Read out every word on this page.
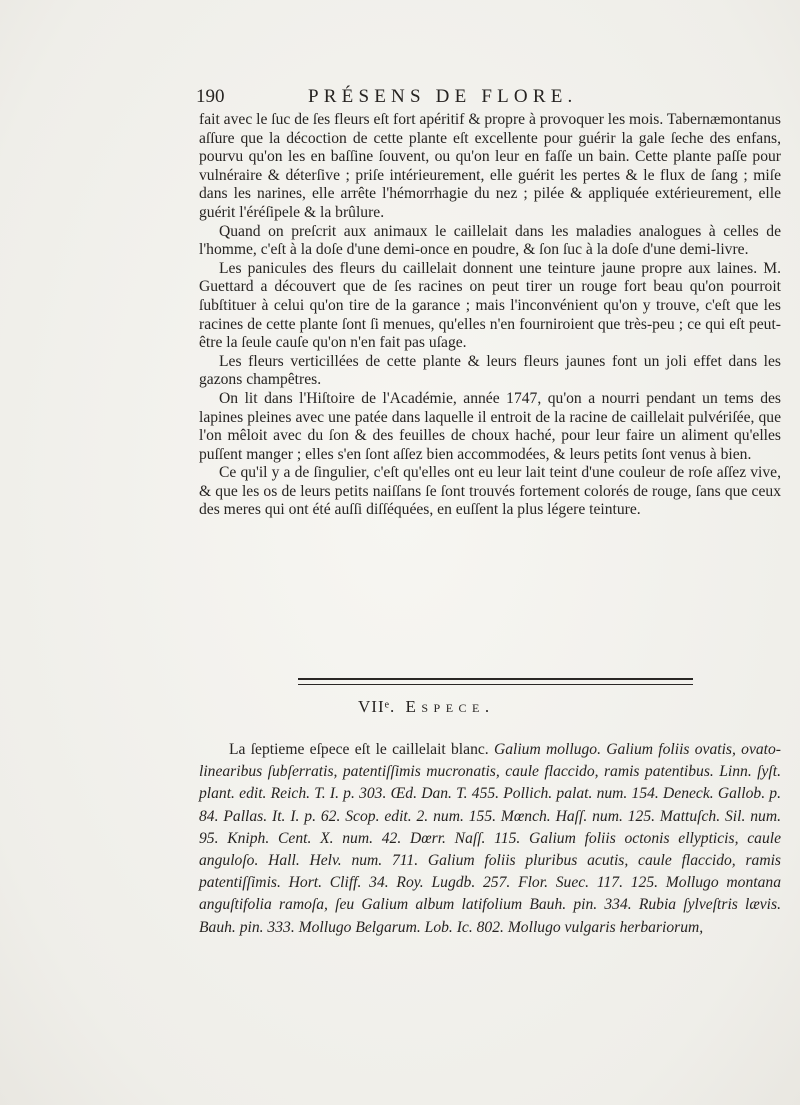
190	PRÉSENS DE FLORE.

fait avec le ſuc de ſes fleurs eſt fort apéritif & propre à provoquer les mois. Tabernæmontanus aſſure que la décoction de cette plante eſt excellente pour guérir la gale ſeche des enfans, pourvu qu'on les en baſſine ſouvent, ou qu'on leur en faſſe un bain. Cette plante paſſe pour vulnéraire & déterſive ; priſe intérieurement, elle guérit les pertes & le flux de ſang ; miſe dans les narines, elle arrête l'hémorrhagie du nez ; pilée & appliquée extérieurement, elle guérit l'éréſipele & la brûlure.

Quand on preſcrit aux animaux le caillelait dans les maladies analogues à celles de l'homme, c'eſt à la doſe d'une demi-once en poudre, & ſon ſuc à la doſe d'une demi-livre.

Les panicules des fleurs du caillelait donnent une teinture jaune propre aux laines. M. Guettard a découvert que de ſes racines on peut tirer un rouge fort beau qu'on pourroit ſubſtituer à celui qu'on tire de la garance ; mais l'inconvénient qu'on y trouve, c'eſt que les racines de cette plante ſont ſi menues, qu'elles n'en fourniroient que très-peu ; ce qui eſt peut-être la ſeule cauſe qu'on n'en fait pas uſage.

Les fleurs verticillées de cette plante & leurs fleurs jaunes font un joli effet dans les gazons champêtres.

On lit dans l'Hiſtoire de l'Académie, année 1747, qu'on a nourri pendant un tems des lapines pleines avec une patée dans laquelle il entroit de la racine de caillelait pulvériſée, que l'on mêloit avec du ſon & des feuilles de choux haché, pour leur faire un aliment qu'elles puſſent manger ; elles s'en ſont aſſez bien accommodées, & leurs petits ſont venus à bien.

Ce qu'il y a de ſingulier, c'eſt qu'elles ont eu leur lait teint d'une couleur de roſe aſſez vive, & que les os de leurs petits naiſſans ſe ſont trouvés fortement colorés de rouge, ſans que ceux des meres qui ont été auſſi diſſéquées, en euſſent la plus légere teinture.

VIIᵉ. Espece.

La ſeptieme eſpece eſt le caillelait blanc. Galium mollugo. Galium foliis ovatis, ovato-linearibus ſubſerratis, patentiſſimis mucronatis, caule flaccido, ramis patentibus. Linn. ſyſt. plant. edit. Reich. T. I. p. 303. Œd. Dan. T. 455. Pollich. palat. num. 154. Deneck. Gallob. p. 84. Pallas. It. I. p. 62. Scop. edit. 2. num. 155. Mœnch. Haſſ. num. 125. Mattuſch. Sil. num. 95. Kniph. Cent. X. num. 42. Dœrr. Naſſ. 115. Galium foliis octonis ellypticis, caule anguloſo. Hall. Helv. num. 711. Galium foliis pluribus acutis, caule flaccido, ramis patentiſſimis. Hort. Cliff. 34. Roy. Lugdb. 257. Flor. Suec. 117. 125. Mollugo montana anguſtifolia ramoſa, ſeu Galium album latifolium Bauh. pin. 334. Rubia ſylveſtris lævis. Bauh. pin. 333. Mollugo Belgarum. Lob. Ic. 802. Mollugo vulgaris herbariorum,
